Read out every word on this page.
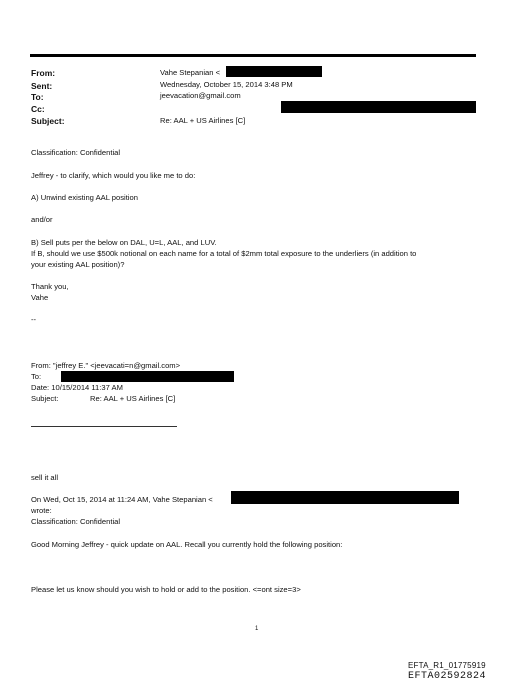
From:
Sent:
To:
Cc:
Subject:
Vahe Stepanian <
Wednesday, October 15, 2014 3:48 PM
jeevacation@gmail.com
Re: AAL + US Airlines [C]
Classification: Confidential
Jeffrey - to clarify, which would you like me to do:
A) Unwind existing AAL position
and/or
B) Sell puts per the below on DAL, U=L, AAL, and LUV.
If B, should we use $500k notional on each name for a total of $2mm total exposure to the underliers (in addition to
your existing AAL position)?
Thank you,
Vahe
--
From: "jeffrey E." <jeevacati=n@gmail.com>
To:
Date: 10/15/2014 11:37 AM
Subject:	Re: AAL + US Airlines [C]
sell it all
On Wed, Oct 15, 2014 at 11:24 AM, Vahe Stepanian <
wrote:
Classification: Confidential
Good Morning Jeffrey - quick update on AAL. Recall you currently hold the following position:
Please let us know should you wish to hold or add to the position. <=ont size=3>
1
EFTA_R1_01775919
EFTA02592824
